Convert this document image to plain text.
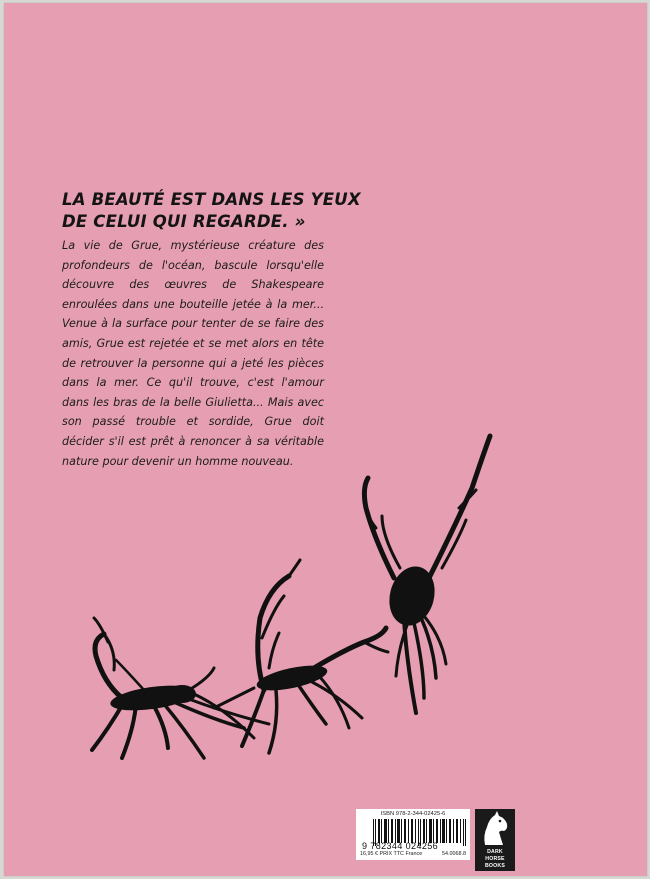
LA BEAUTÉ EST DANS LES YEUX
DE CELUI QUI REGARDE. »

La vie de Grue, mystérieuse créature des profondeurs de l'océan, bascule lorsqu'elle découvre des œuvres de Shakespeare enroulées dans une bouteille jetée à la mer... Venue à la surface pour tenter de se faire des amis, Grue est rejetée et se met alors en tête de retrouver la personne qui a jeté les pièces dans la mer. Ce qu'il trouve, c'est l'amour dans les bras de la belle Giulietta... Mais avec son passé trouble et sordide, Grue doit décider s'il est prêt à renoncer à sa véritable nature pour devenir un homme nouveau.

ISBN 978-2-344-02425-6
9 782344 024256
16,95 € PRIX TTC France	54.0068.8	DARK
HORSE
BOOKS
